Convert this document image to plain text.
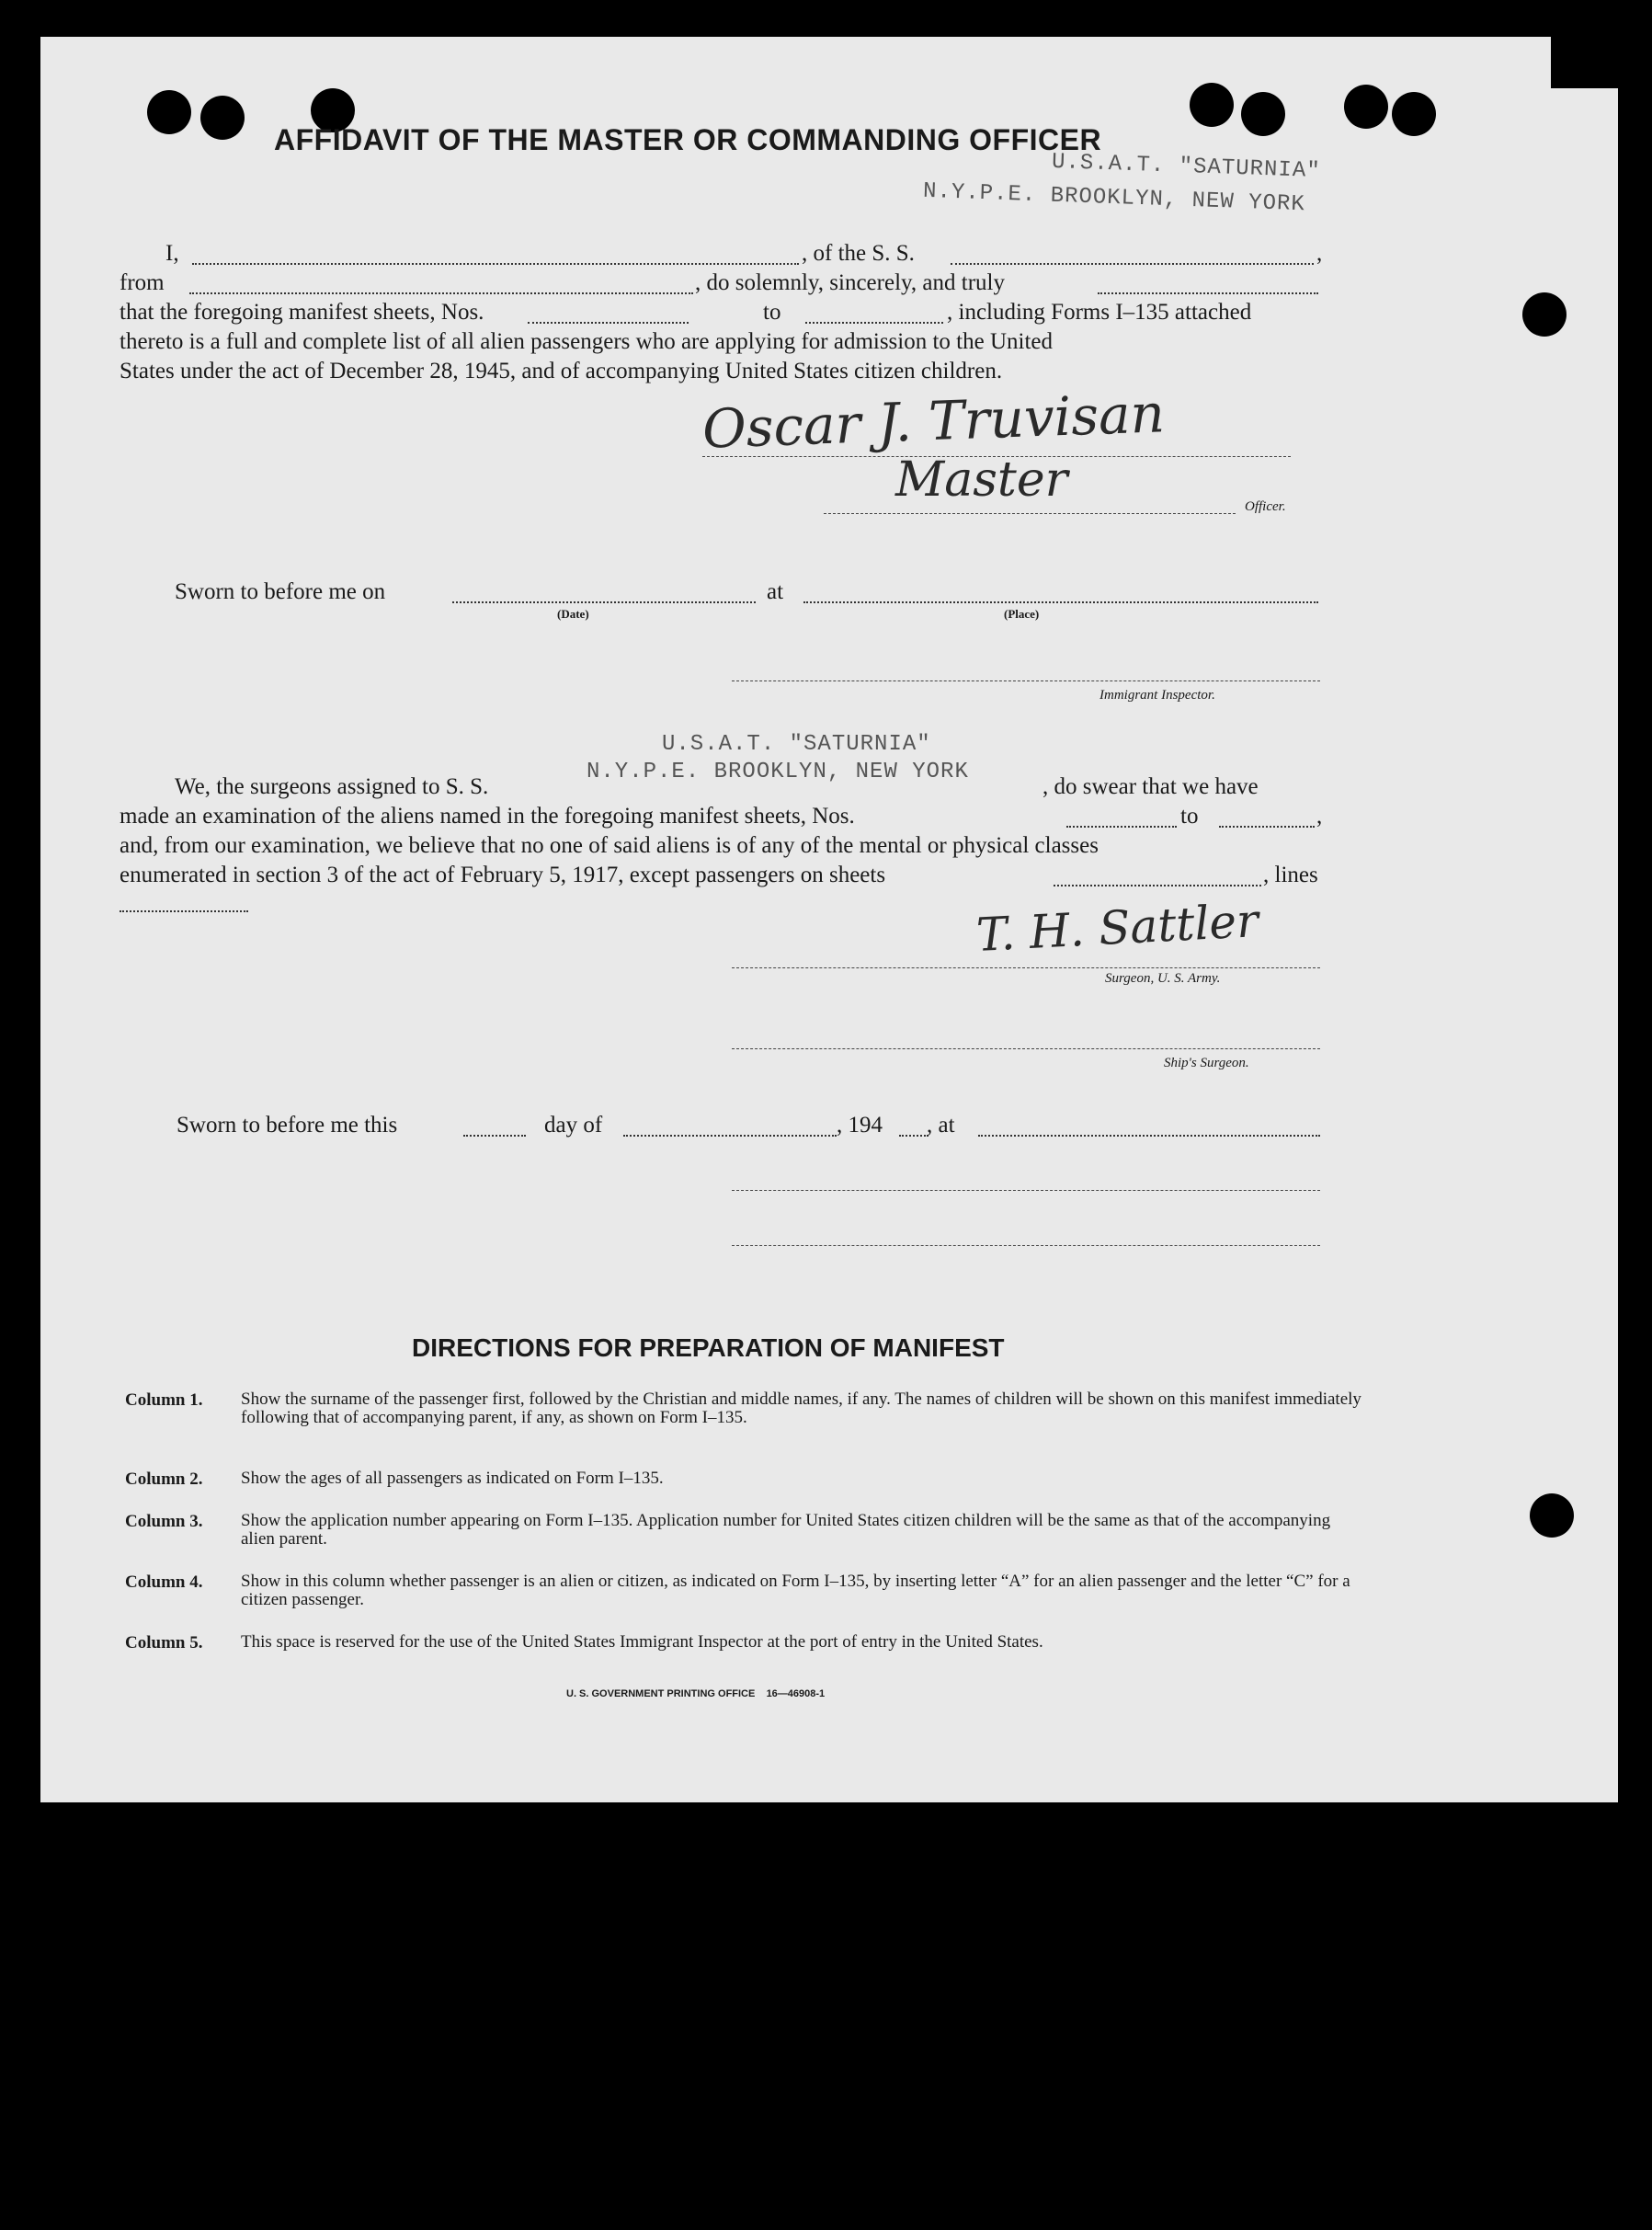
AFFIDAVIT OF THE MASTER OR COMMANDING OFFICER
U.S.A.T. "SATURNIA"
N.Y.P.E. BROOKLYN, NEW YORK
I,	, of the S. S.	,
from	, do solemnly, sincerely, and truly
that the foregoing manifest sheets, Nos.	to	, including Forms I–135 attached
thereto is a full and complete list of all alien passengers who are applying for admission to the United
States under the act of December 28, 1945, and of accompanying United States citizen children.
Oscar J. Truvisan
Master	Officer.
Sworn to before me on
(Date)
at
(Place)
Immigrant Inspector.
U.S.A.T. "SATURNIA"
N.Y.P.E. BROOKLYN, NEW YORK
We, the surgeons assigned to S. S.	, do swear that we have
made an examination of the aliens named in the foregoing manifest sheets, Nos.	to	,
and, from our examination, we believe that no one of said aliens is of any of the mental or physical classes
enumerated in section 3 of the act of February 5, 1917, except passengers on sheets	, lines
T. H. Sattler
Surgeon, U. S. Army.
Ship's Surgeon.
Sworn to before me this	day of	, 194 , at
DIRECTIONS FOR PREPARATION OF MANIFEST
Column 1. Show the surname of the passenger first, followed by the Christian and middle names, if any. The names of children will be shown on this manifest immediately following that of accompanying parent, if any, as shown on Form I–135.
Column 2. Show the ages of all passengers as indicated on Form I–135.
Column 3. Show the application number appearing on Form I–135. Application number for United States citizen children will be the same as that of the accompanying alien parent.
Column 4. Show in this column whether passenger is an alien or citizen, as indicated on Form I–135, by inserting letter “A” for an alien passenger and the letter “C” for a citizen passenger.
Column 5. This space is reserved for the use of the United States Immigrant Inspector at the port of entry in the United States.
U. S. GOVERNMENT PRINTING OFFICE    16—46908-1
